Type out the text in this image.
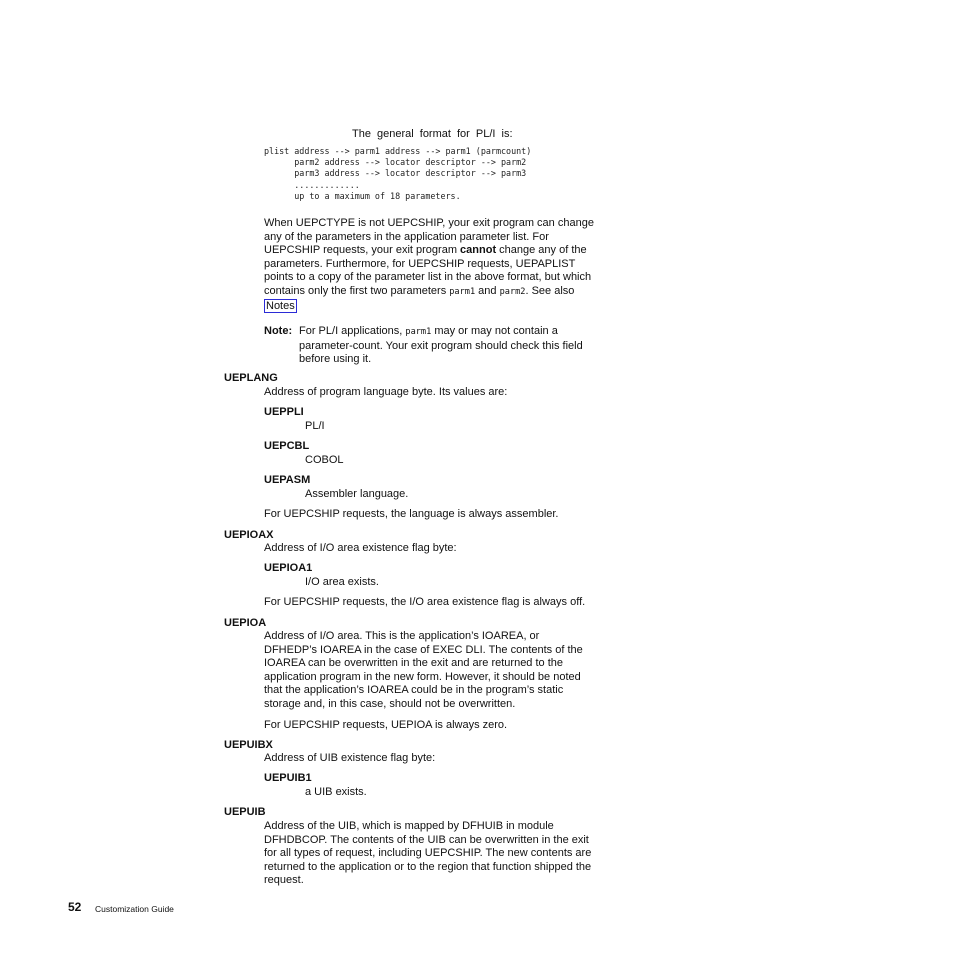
The general format for PL/I is:
plist address --> parm1 address --> parm1 (parmcount)
parm2 address --> locator descriptor --> parm2
parm3 address --> locator descriptor --> parm3
.............
up to a maximum of 18 parameters.
When UEPCTYPE is not UEPCSHIP, your exit program can change
any of the parameters in the application parameter list. For
UEPCSHIP requests, your exit program cannot change any of the
parameters. Furthermore, for UEPCSHIP requests, UEPAPLIST
points to a copy of the parameter list in the above format, but which
contains only the first two parameters parm1 and parm2. See also
Notes
Note: For PL/I applications, parm1 may or may not contain a
parameter-count. Your exit program should check this field
before using it.
UEPLANG
Address of program language byte. Its values are:
UEPPLI
PL/I
UEPCBL
COBOL
UEPASM
Assembler language.
For UEPCSHIP requests, the language is always assembler.
UEPIOAX
Address of I/O area existence flag byte:
UEPIOA1
I/O area exists.
For UEPCSHIP requests, the I/O area existence flag is always off.
UEPIOA
Address of I/O area. This is the application’s IOAREA, or
DFHEDP’s IOAREA in the case of EXEC DLI. The contents of the
IOAREA can be overwritten in the exit and are returned to the
application program in the new form. However, it should be noted
that the application’s IOAREA could be in the program’s static
storage and, in this case, should not be overwritten.
For UEPCSHIP requests, UEPIOA is always zero.
UEPUIBX
Address of UIB existence flag byte:
UEPUIB1
a UIB exists.
UEPUIB
Address of the UIB, which is mapped by DFHUIB in module
DFHDBCOP. The contents of the UIB can be overwritten in the exit
for all types of request, including UEPCSHIP. The new contents are
returned to the application or to the region that function shipped the
request.
52 Customization Guide
